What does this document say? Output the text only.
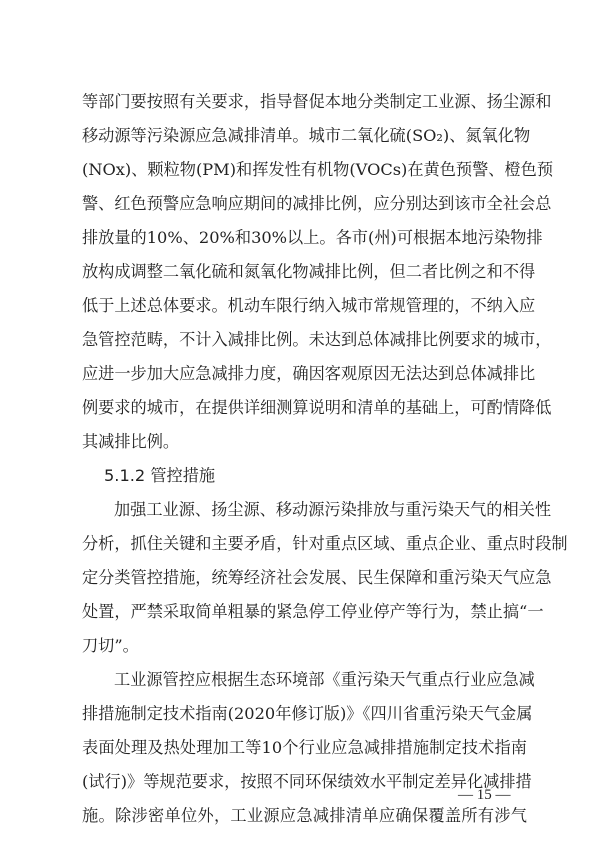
等部门要按照有关要求，指导督促本地分类制定工业源、扬尘源和
移动源等污染源应急减排清单。城市二氧化硫(SO₂)、氮氧化物
(NOx)、颗粒物(PM)和挥发性有机物(VOCs)在黄色预警、橙色预
警、红色预警应急响应期间的减排比例，应分别达到该市全社会总
排放量的10%、20%和30%以上。各市(州)可根据本地污染物排
放构成调整二氧化硫和氮氧化物减排比例，但二者比例之和不得
低于上述总体要求。机动车限行纳入城市常规管理的，不纳入应
急管控范畴，不计入减排比例。未达到总体减排比例要求的城市，
应进一步加大应急减排力度，确因客观原因无法达到总体减排比
例要求的城市，在提供详细测算说明和清单的基础上，可酌情降低
其减排比例。
5.1.2 管控措施
加强工业源、扬尘源、移动源污染排放与重污染天气的相关性
分析，抓住关键和主要矛盾，针对重点区域、重点企业、重点时段制
定分类管控措施，统筹经济社会发展、民生保障和重污染天气应急
处置，严禁采取简单粗暴的紧急停工停业停产等行为，禁止搞“一
刀切”。
工业源管控应根据生态环境部《重污染天气重点行业应急减
排措施制定技术指南(2020年修订版)》《四川省重污染天气金属
表面处理及热处理加工等10个行业应急减排措施制定技术指南
(试行)》等规范要求，按照不同环保绩效水平制定差异化减排措
施。除涉密单位外，工业源应急减排清单应确保覆盖所有涉气
— 15 —
